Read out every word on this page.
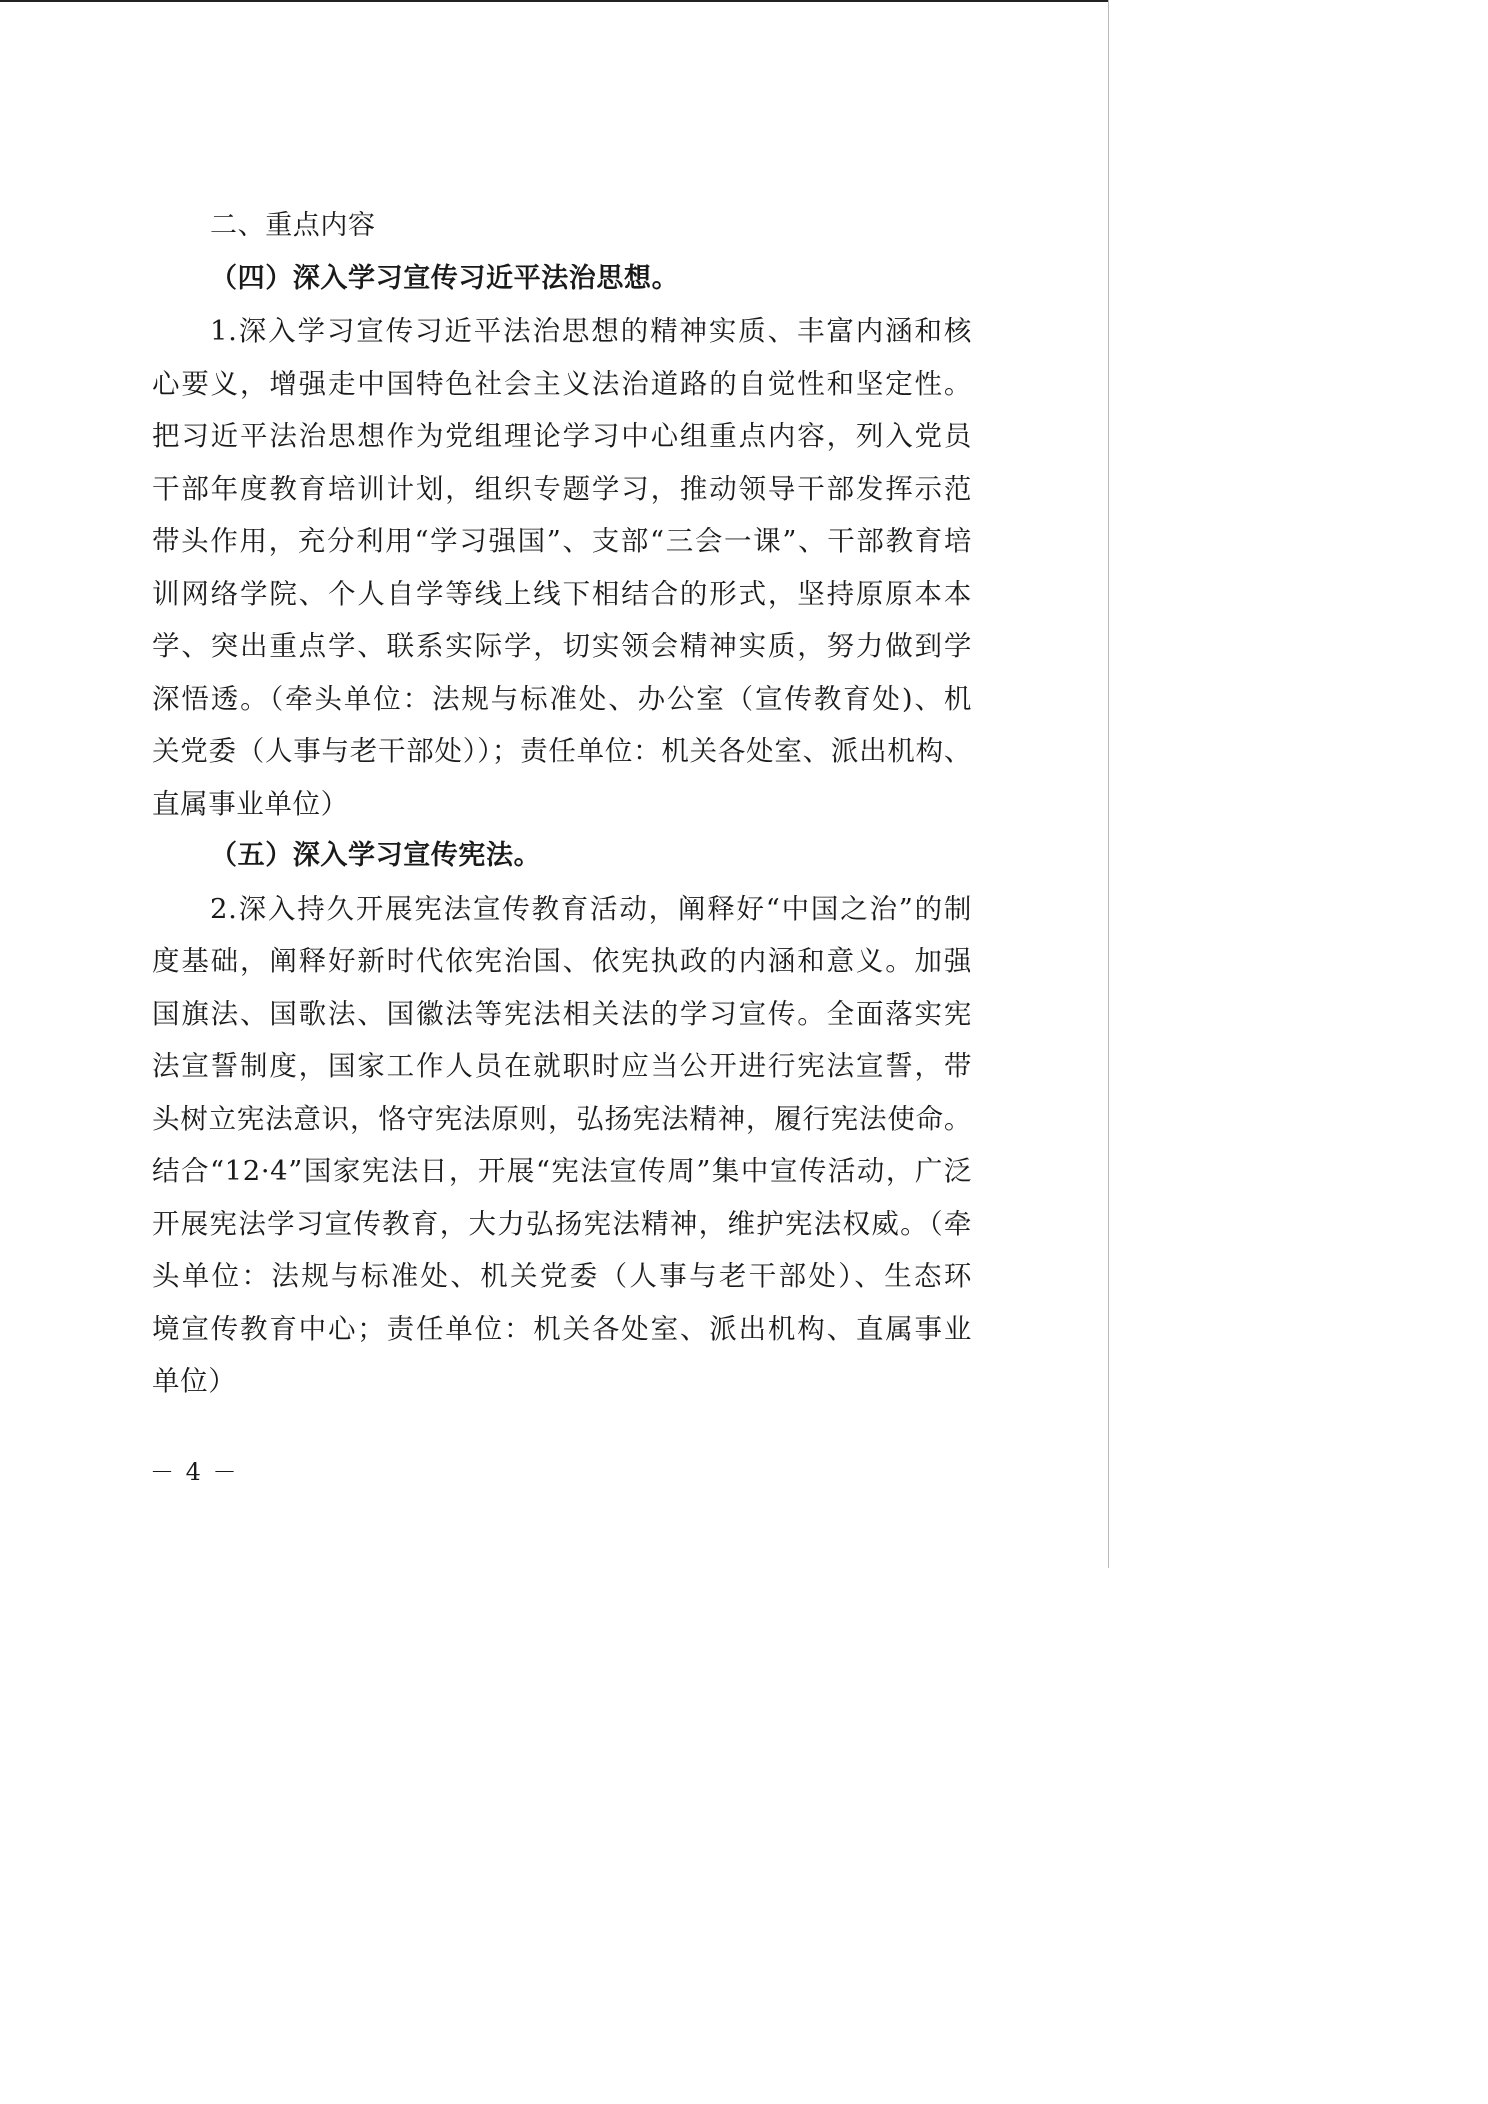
二、重点内容
（四）深入学习宣传习近平法治思想。
1.深入学习宣传习近平法治思想的精神实质、丰富内涵和核
心要义，增强走中国特色社会主义法治道路的自觉性和坚定性。
把习近平法治思想作为党组理论学习中心组重点内容，列入党员
干部年度教育培训计划，组织专题学习，推动领导干部发挥示范
带头作用，充分利用“学习强国”、支部“三会一课”、干部教育培
训网络学院、个人自学等线上线下相结合的形式，坚持原原本本
学、突出重点学、联系实际学，切实领会精神实质，努力做到学
深悟透。（牵头单位：法规与标准处、办公室（宣传教育处)、机
关党委（人事与老干部处））；责任单位：机关各处室、派出机构、
直属事业单位）
（五）深入学习宣传宪法。
2.深入持久开展宪法宣传教育活动，阐释好“中国之治”的制
度基础，阐释好新时代依宪治国、依宪执政的内涵和意义。加强
国旗法、国歌法、国徽法等宪法相关法的学习宣传。全面落实宪
法宣誓制度，国家工作人员在就职时应当公开进行宪法宣誓，带
头树立宪法意识，恪守宪法原则，弘扬宪法精神，履行宪法使命。
结合“12·4”国家宪法日，开展“宪法宣传周”集中宣传活动，广泛
开展宪法学习宣传教育，大力弘扬宪法精神，维护宪法权威。（牵
头单位：法规与标准处、机关党委（人事与老干部处）、生态环
境宣传教育中心；责任单位：机关各处室、派出机构、直属事业
单位）
－ 4 －
